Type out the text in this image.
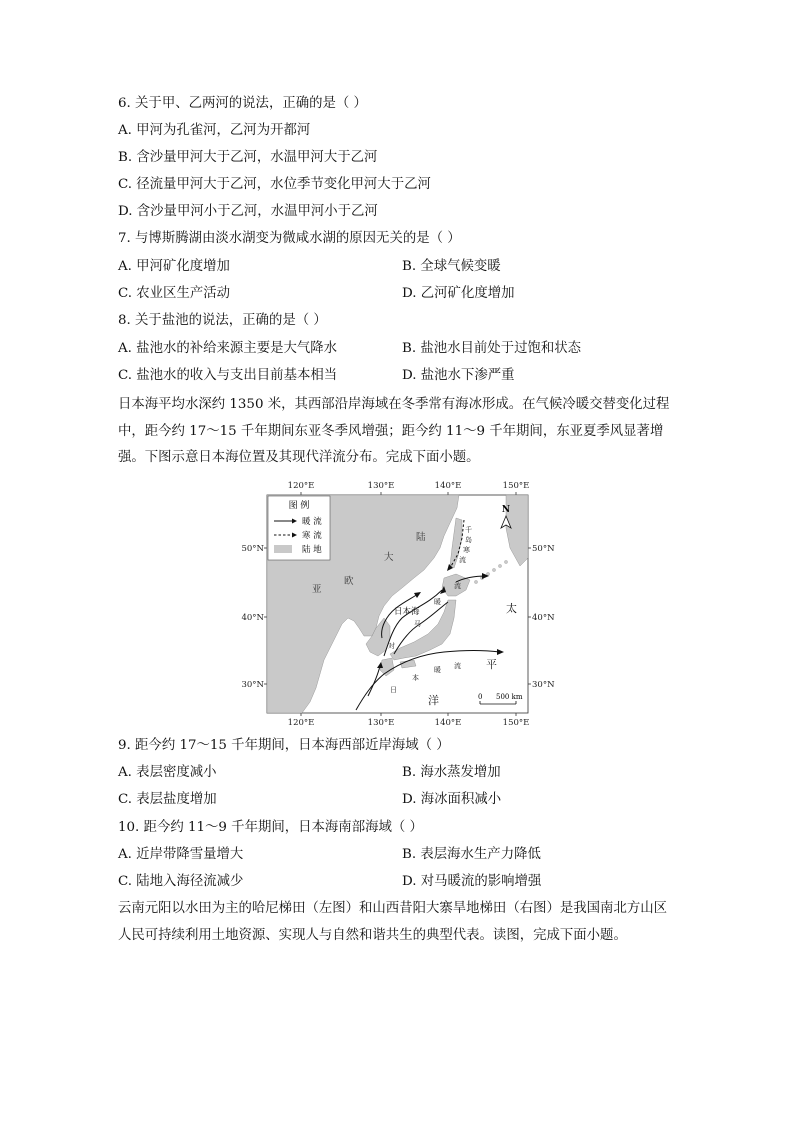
6. 关于甲、乙两河的说法，正确的是（ ）
A. 甲河为孔雀河，乙河为开都河
B. 含沙量甲河大于乙河，水温甲河大于乙河
C. 径流量甲河大于乙河，水位季节变化甲河大于乙河
D. 含沙量甲河小于乙河，水温甲河小于乙河
7. 与博斯腾湖由淡水湖变为微咸水湖的原因无关的是（ ）
A. 甲河矿化度增加	B. 全球气候变暖
C. 农业区生产活动	D. 乙河矿化度增加
8. 关于盐池的说法，正确的是（ ）
A. 盐池水的补给来源主要是大气降水	B. 盐池水目前处于过饱和状态
C. 盐池水的收入与支出目前基本相当	D. 盐池水下渗严重
日本海平均水深约 1350 米，其西部沿岸海域在冬季常有海冰形成。在气候冷暖交替变化过程中，距今约 17～15 千年期间东亚冬季风增强；距今约 11～9 千年期间，东亚夏季风显著增强。下图示意日本海位置及其现代洋流分布。完成下面小题。
120°E	130°E	140°E	150°E
120°E	130°E	140°E	150°E
50°N
40°N
30°N
50°N
40°N
30°N
图 例
暖 流
寒 流
陆 地
N
大
陆
欧
亚
日本海	太
平
洋
千
岛
寒
流
对
马
暖
流
日
本
暖 流
0 500 km
9. 距今约 17～15 千年期间，日本海西部近岸海域（ ）
A. 表层密度减小	B. 海水蒸发增加
C. 表层盐度增加	D. 海冰面积减小
10. 距今约 11～9 千年期间，日本海南部海域（ ）
A. 近岸带降雪量增大	B. 表层海水生产力降低
C. 陆地入海径流减少	D. 对马暖流的影响增强
云南元阳以水田为主的哈尼梯田（左图）和山西昔阳大寨旱地梯田（右图）是我国南北方山区人民可持续利用土地资源、实现人与自然和谐共生的典型代表。读图，完成下面小题。
